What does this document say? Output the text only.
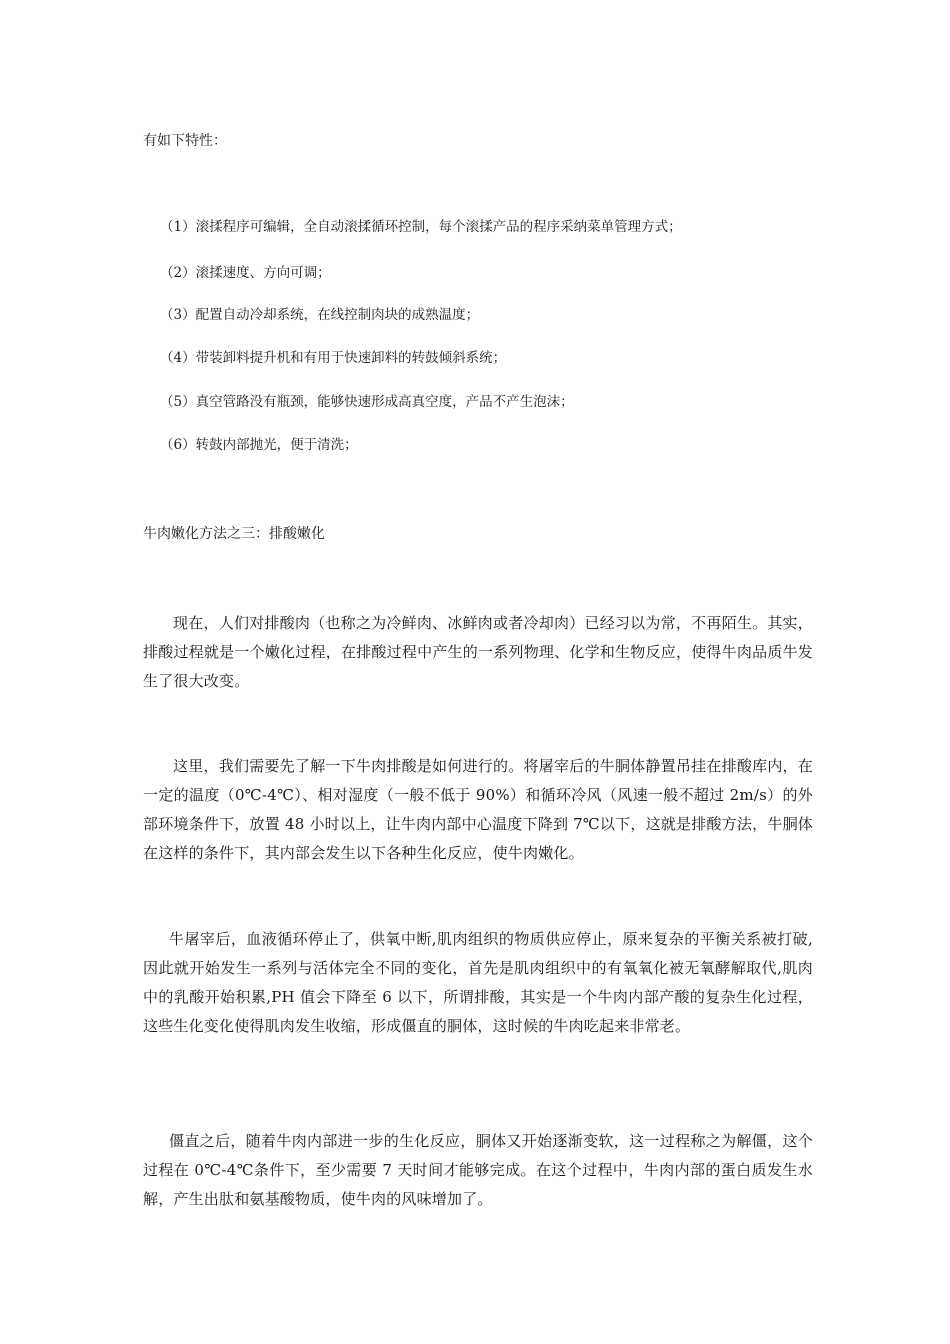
有如下特性：
（1）滚揉程序可编辑，全自动滚揉循环控制，每个滚揉产品的程序采纳菜单管理方式；
（2）滚揉速度、方向可调；
（3）配置自动冷却系统，在线控制肉块的成熟温度；
（4）带装卸料提升机和有用于快速卸料的转鼓倾斜系统；
（5）真空管路没有瓶颈，能够快速形成高真空度，产品不产生泡沫；
（6）转鼓内部抛光，便于清洗；
牛肉嫩化方法之三：排酸嫩化
现在，人们对排酸肉（也称之为冷鲜肉、冰鲜肉或者冷却肉）已经习以为常，不再陌生。其实，排酸过程就是一个嫩化过程，在排酸过程中产生的一系列物理、化学和生物反应，使得牛肉品质牛发生了很大改变。
这里，我们需要先了解一下牛肉排酸是如何进行的。将屠宰后的牛胴体静置吊挂在排酸库内，在一定的温度（0℃-4℃）、相对湿度（一般不低于 90%）和循环冷风（风速一般不超过 2m/s）的外部环境条件下，放置 48 小时以上，让牛肉内部中心温度下降到 7℃以下，这就是排酸方法，牛胴体在这样的条件下，其内部会发生以下各种生化反应，使牛肉嫩化。
牛屠宰后，血液循环停止了，供氧中断,肌肉组织的物质供应停止，原来复杂的平衡关系被打破,因此就开始发生一系列与活体完全不同的变化，首先是肌肉组织中的有氧氧化被无氧酵解取代,肌肉中的乳酸开始积累,PH 值会下降至 6 以下，所谓排酸，其实是一个牛肉内部产酸的复杂生化过程，这些生化变化使得肌肉发生收缩，形成僵直的胴体，这时候的牛肉吃起来非常老。
僵直之后，随着牛肉内部进一步的生化反应，胴体又开始逐渐变软，这一过程称之为解僵，这个过程在 0℃-4℃条件下，至少需要 7 天时间才能够完成。在这个过程中，牛肉内部的蛋白质发生水解，产生出肽和氨基酸物质，使牛肉的风味增加了。
